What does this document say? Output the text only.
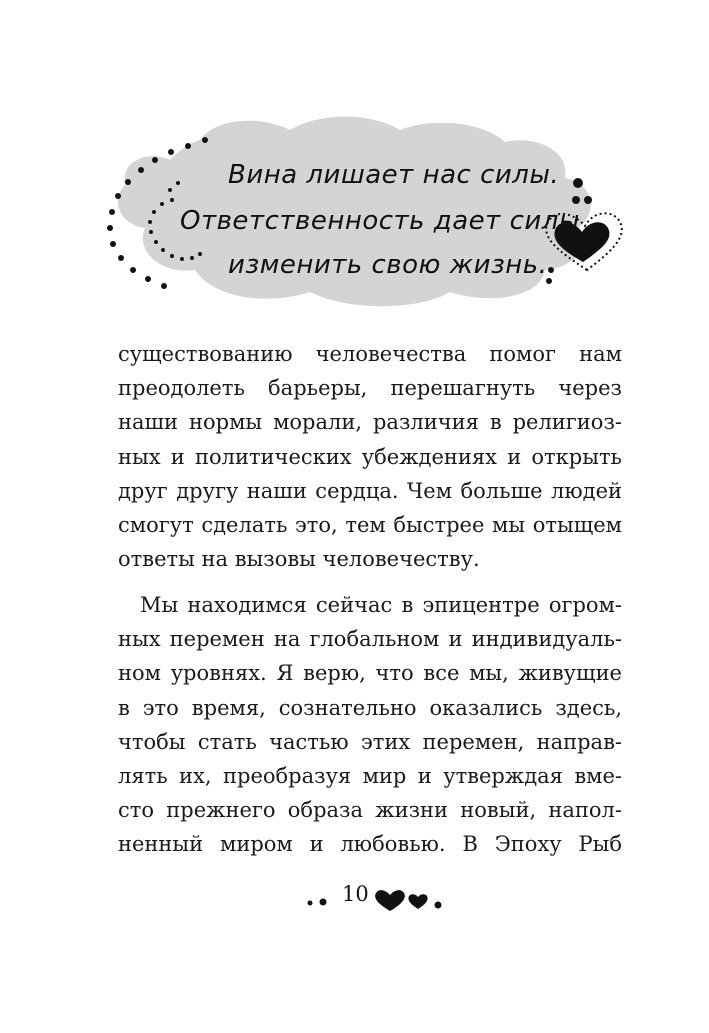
Вина лишает нас силы.
Ответственность дает силы
изменить свою жизнь.
существованию человечества помог нам
преодолеть барьеры, перешагнуть через
наши нормы морали, различия в религиоз-
ных и политических убеждениях и открыть
друг другу наши сердца. Чем больше людей
смогут сделать это, тем быстрее мы отыщем
ответы на вызовы человечеству.
Мы находимся сейчас в эпицентре огром-
ных перемен на глобальном и индивидуаль-
ном уровнях. Я верю, что все мы, живущие
в это время, сознательно оказались здесь,
чтобы стать частью этих перемен, направ-
лять их, преобразуя мир и утверждая вме-
сто прежнего образа жизни новый, напол-
ненный миром и любовью. В Эпоху Рыб
10
